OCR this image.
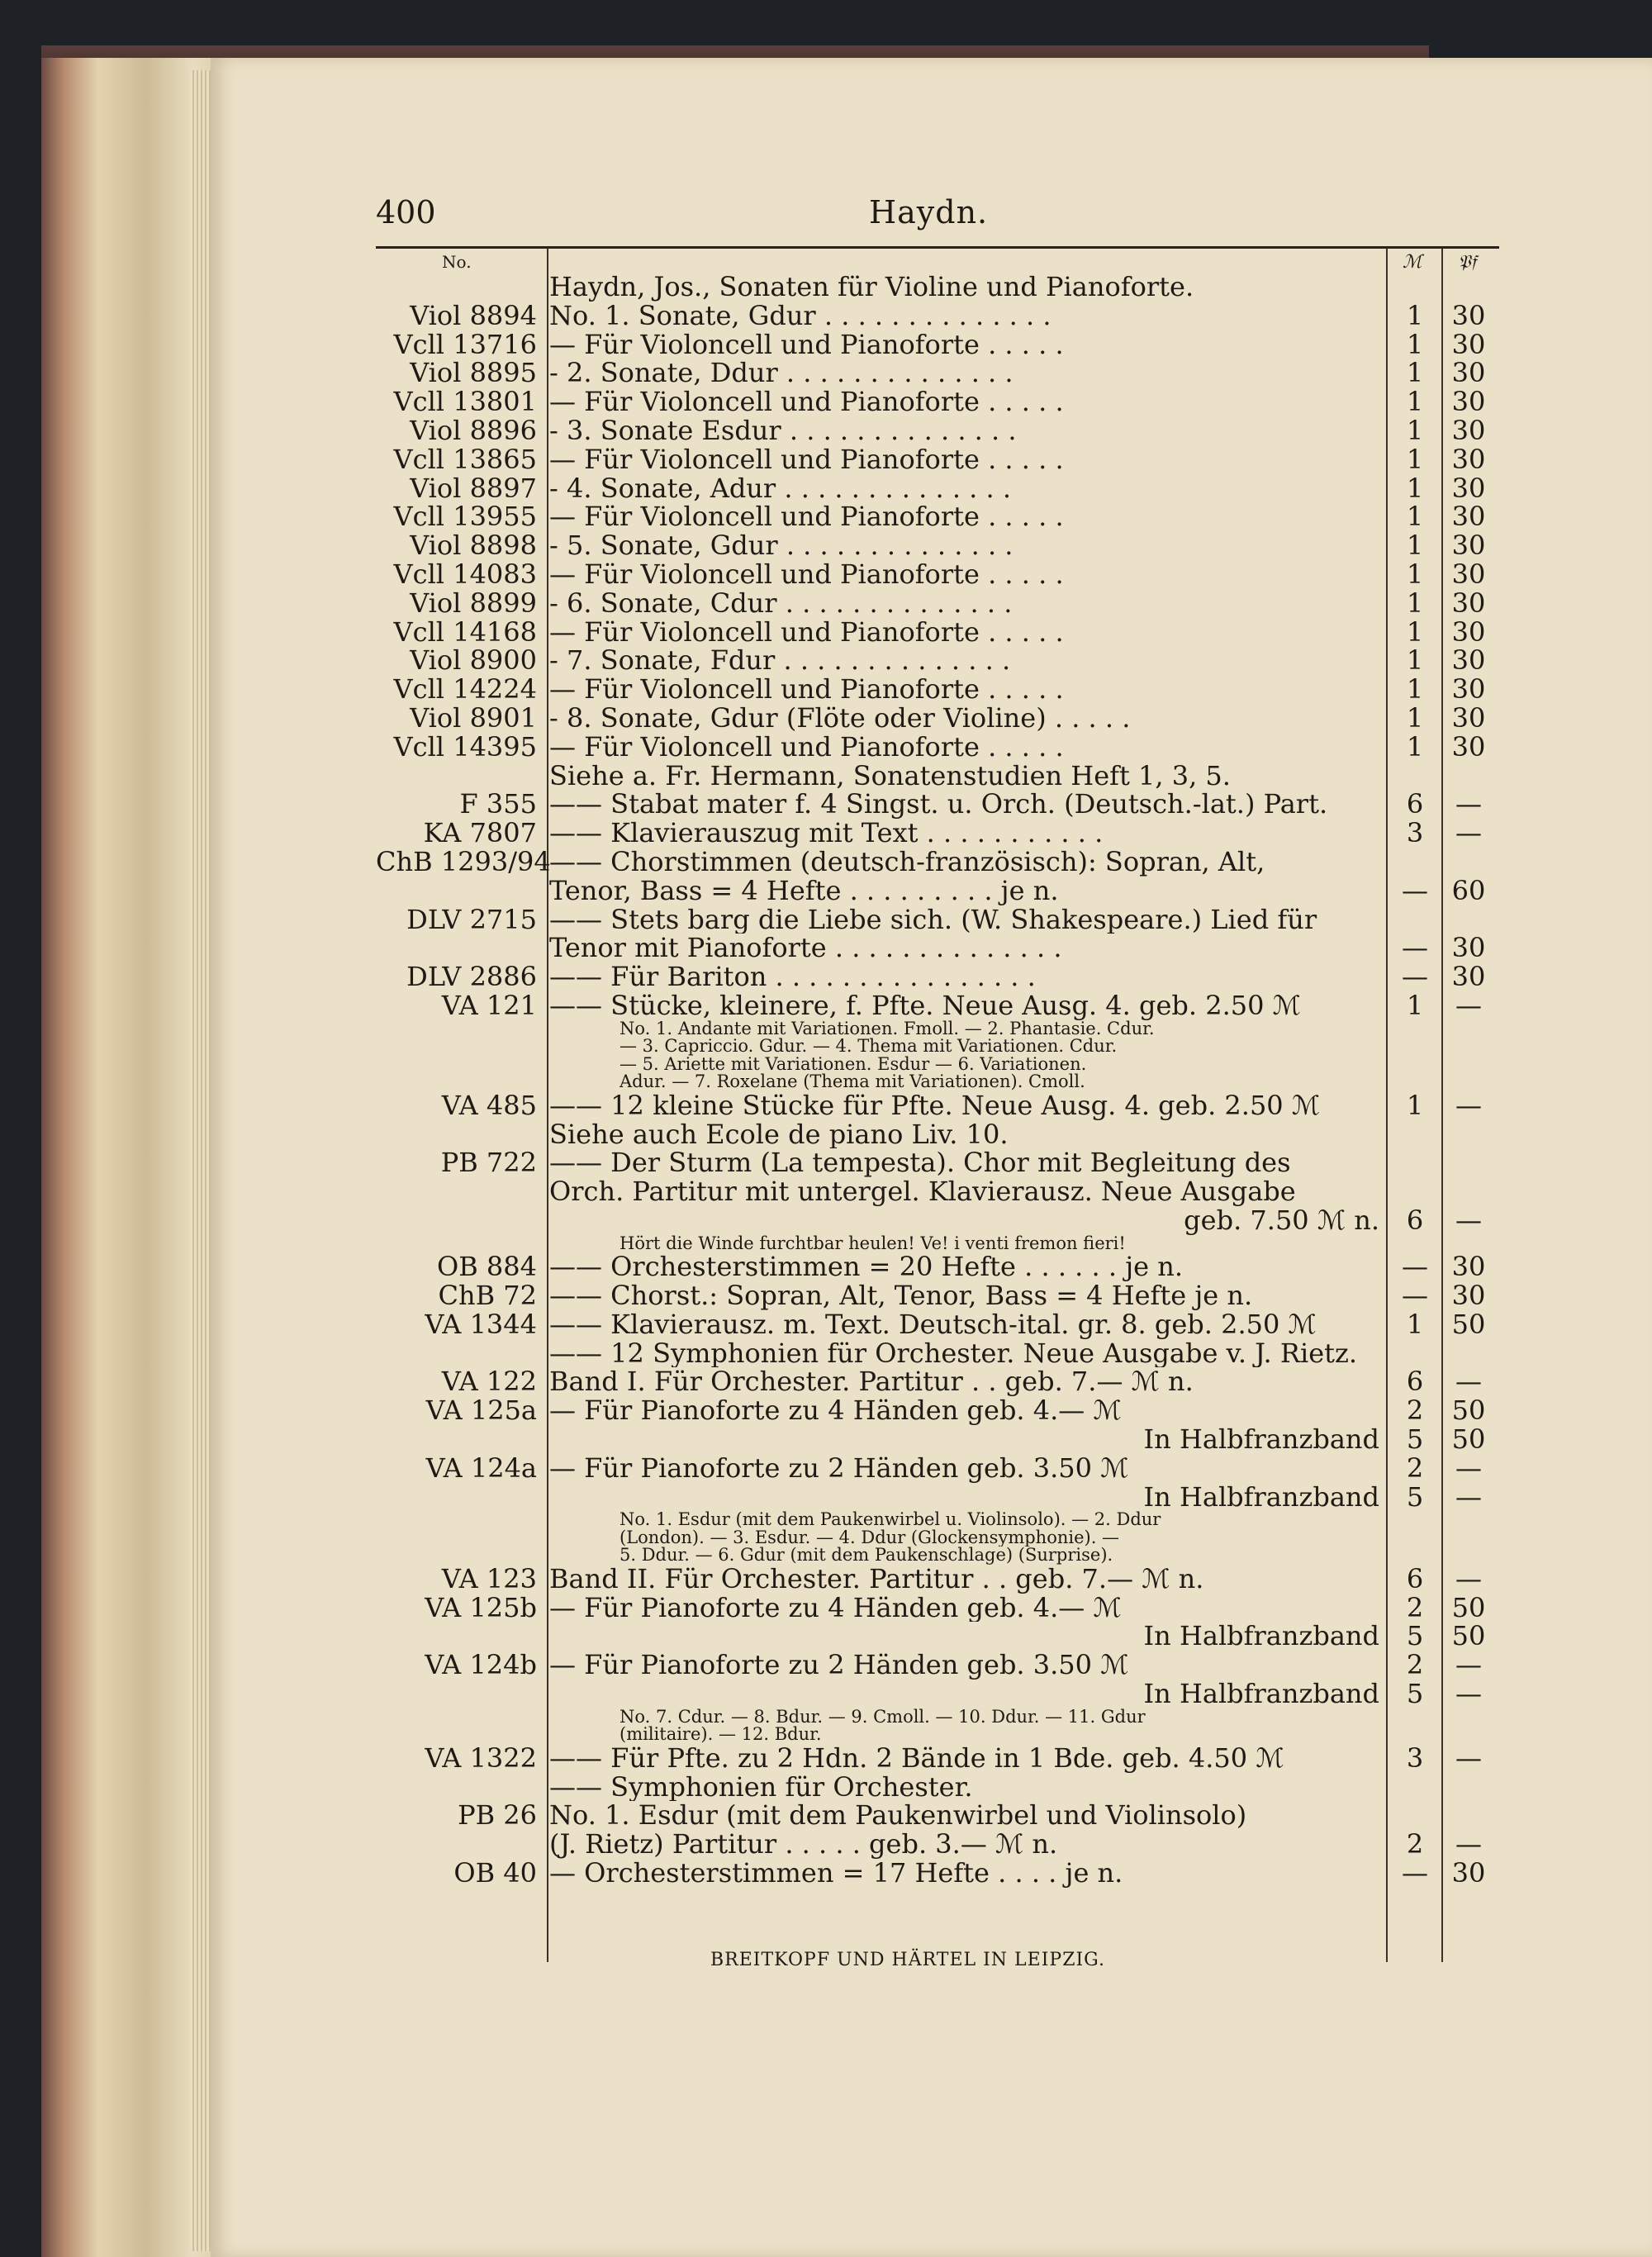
400	Haydn.
No.	ℳ 𝔓𝔣
Haydn, Jos., Sonaten für Violine und Pianoforte.
Viol 8894 No. 1. Sonate, Gdur . . . . . . . . . . . . . .	1	30
Vcll 13716 — Für Violoncell und Pianoforte . . . . .	1	30
Viol 8895 - 2. Sonate, Ddur . . . . . . . . . . . . . .	1	30
Vcll 13801 — Für Violoncell und Pianoforte . . . . .	1	30
Viol 8896 - 3. Sonate Esdur . . . . . . . . . . . . . .	1	30
Vcll 13865 — Für Violoncell und Pianoforte . . . . .	1	30
Viol 8897 - 4. Sonate, Adur . . . . . . . . . . . . . .	1	30
Vcll 13955 — Für Violoncell und Pianoforte . . . . .	1	30
Viol 8898 - 5. Sonate, Gdur . . . . . . . . . . . . . .	1	30
Vcll 14083 — Für Violoncell und Pianoforte . . . . .	1	30
Viol 8899 - 6. Sonate, Cdur . . . . . . . . . . . . . .	1	30
Vcll 14168 — Für Violoncell und Pianoforte . . . . .	1	30
Viol 8900 - 7. Sonate, Fdur . . . . . . . . . . . . . .	1	30
Vcll 14224 — Für Violoncell und Pianoforte . . . . .	1	30
Viol 8901 - 8. Sonate, Gdur (Flöte oder Violine) . . . . .	1	30
Vcll 14395 — Für Violoncell und Pianoforte . . . . .	1	30
Siehe a. Fr. Hermann, Sonatenstudien Heft 1, 3, 5.
F 355 —— Stabat mater f. 4 Singst. u. Orch. (Deutsch.-lat.) Part.	6	—
KA 7807 —— Klavierauszug mit Text . . . . . . . . . . .	3	—
ChB 1293/94
—— Chorstimmen (deutsch-französisch): Sopran, Alt,
Tenor, Bass = 4 Hefte . . . . . . . . . je n.	— 60
DLV 2715 —— Stets barg die Liebe sich. (W. Shakespeare.) Lied für
Tenor mit Pianoforte . . . . . . . . . . . . . .	— 30
DLV 2886 —— Für Bariton . . . . . . . . . . . . . . . .	— 30
VA 121 —— Stücke, kleinere, f. Pfte. Neue Ausg. 4. geb. 2.50 ℳ	1	—
No. 1. Andante mit Variationen. Fmoll. — 2. Phantasie. Cdur.
— 3. Capriccio. Gdur. — 4. Thema mit Variationen. Cdur.
— 5. Ariette mit Variationen. Esdur — 6. Variationen.
Adur. — 7. Roxelane (Thema mit Variationen). Cmoll.
VA 485 —— 12 kleine Stücke für Pfte. Neue Ausg. 4. geb. 2.50 ℳ	1	—
Siehe auch Ecole de piano Liv. 10.
PB 722 —— Der Sturm (La tempesta). Chor mit Begleitung des
Orch. Partitur mit untergel. Klavierausz. Neue Ausgabe
geb. 7.50 ℳ n.	6	—
Hört die Winde furchtbar heulen! Ve! i venti fremon fieri!
OB 884 —— Orchesterstimmen = 20 Hefte . . . . . . je n.	— 30
ChB 72 —— Chorst.: Sopran, Alt, Tenor, Bass = 4 Hefte je n.	— 30
VA 1344 —— Klavierausz. m. Text. Deutsch-ital. gr. 8. geb. 2.50 ℳ	1	50
—— 12 Symphonien für Orchester. Neue Ausgabe v. J. Rietz.
VA 122 Band I. Für Orchester. Partitur . . geb. 7.— ℳ n.	6	—
VA 125a — Für Pianoforte zu 4 Händen geb. 4.— ℳ	2	50
In Halbfranzband	5	50
VA 124a — Für Pianoforte zu 2 Händen geb. 3.50 ℳ	2	—
In Halbfranzband	5	—
No. 1. Esdur (mit dem Paukenwirbel u. Violinsolo). — 2. Ddur
(London). — 3. Esdur. — 4. Ddur (Glockensymphonie). —
5. Ddur. — 6. Gdur (mit dem Paukenschlage) (Surprise).
VA 123 Band II. Für Orchester. Partitur . . geb. 7.— ℳ n.	6	—
VA 125b — Für Pianoforte zu 4 Händen geb. 4.— ℳ	2	50
In Halbfranzband	5	50
VA 124b — Für Pianoforte zu 2 Händen geb. 3.50 ℳ	2	—
In Halbfranzband	5	—
No. 7. Cdur. — 8. Bdur. — 9. Cmoll. — 10. Ddur. — 11. Gdur
(militaire). — 12. Bdur.
VA 1322 —— Für Pfte. zu 2 Hdn. 2 Bände in 1 Bde. geb. 4.50 ℳ	3	—
—— Symphonien für Orchester.
PB 26 No. 1. Esdur (mit dem Paukenwirbel und Violinsolo)
(J. Rietz) Partitur . . . . . geb. 3.— ℳ n.	2	—
OB 40 — Orchesterstimmen = 17 Hefte . . . . je n.	— 30
BREITKOPF UND HÄRTEL IN LEIPZIG.
